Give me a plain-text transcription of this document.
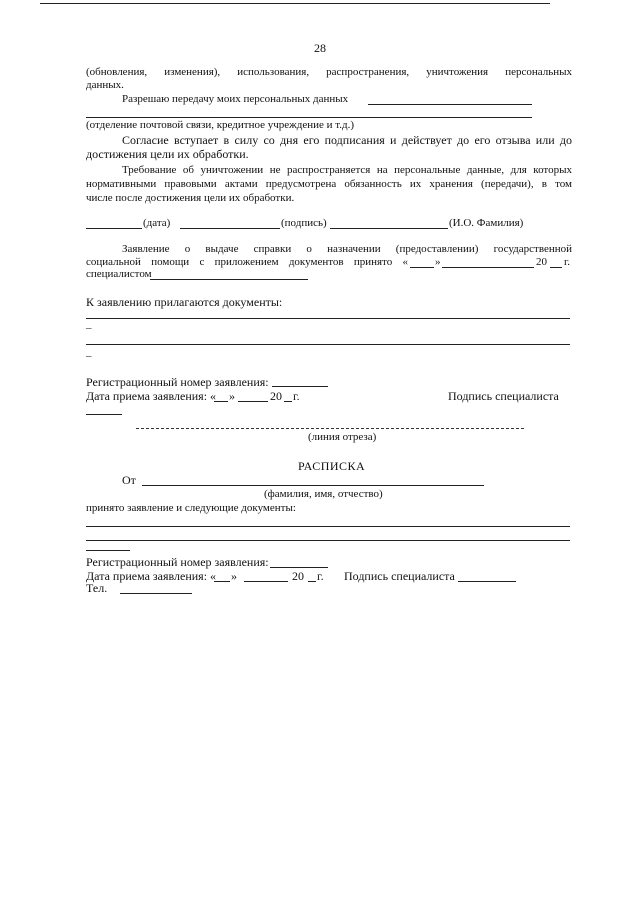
28
(обновления, изменения), использования, распространения, уничтожения персональных
данных.
Разрешаю передачу моих персональных данных
(отделение почтовой связи, кредитное учреждение и т.д.)
Согласие вступает в силу со дня его подписания и действует до его отзыва или до
достижения цели их обработки.
Требование об уничтожении не распространяется на персональные данные, для которых
нормативными правовыми актами предусмотрена обязанность их хранения (передачи), в том
числе после достижения цели их обработки.
(дата)	(подпись)	(И.О. Фамилия)
Заявление о выдаче справки о назначении (предоставлении) государственной
социальной помощи с приложением документов принято « »	20 г.
специалистом
К заявлению прилагаются документы:
–
–
Регистрационный номер заявления:
Дата приема заявления: « »	20 г.	Подпись специалиста
(линия отреза)
РАСПИСКА
От
(фамилия, имя, отчество)
принято заявление и следующие документы:
Регистрационный номер заявления:
Дата приема заявления: « »	20 г. Подпись специалиста
Тел.
